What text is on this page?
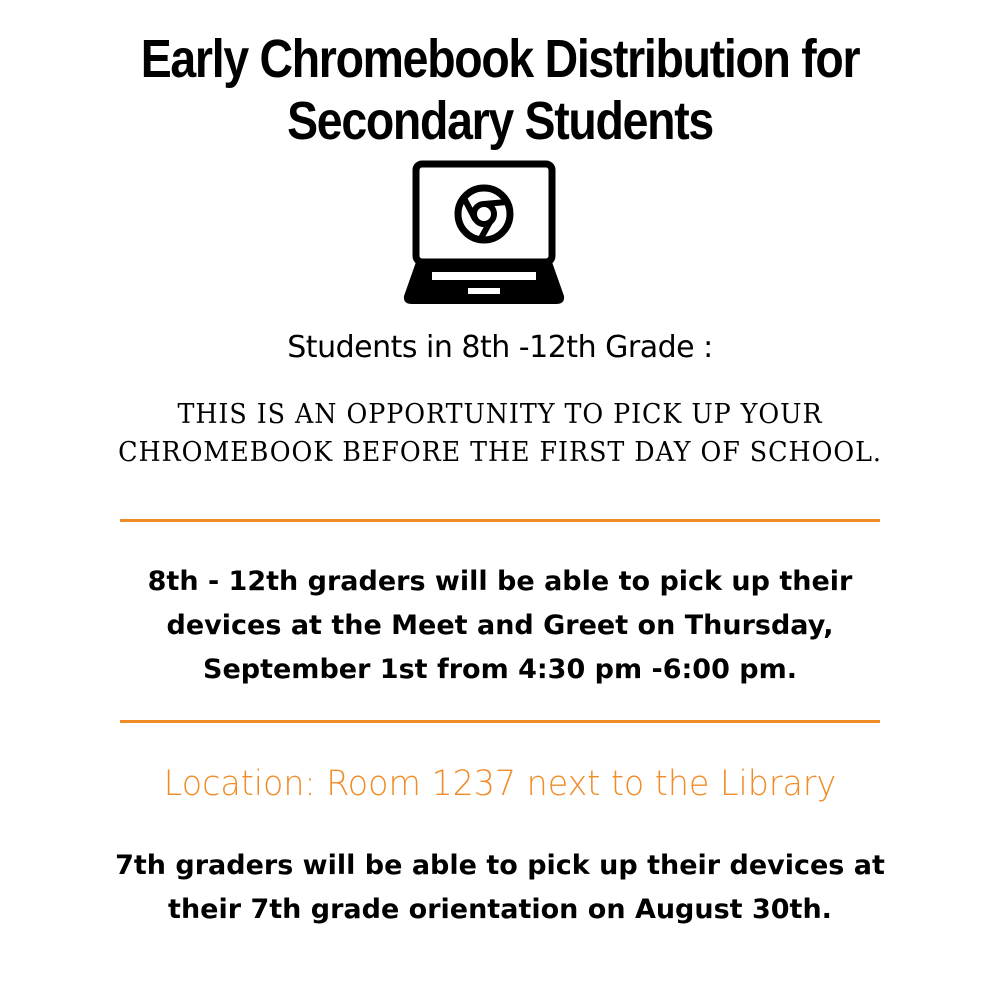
Early Chromebook Distribution for
Secondary Students
Students in 8th -12th Grade :
THIS IS AN OPPORTUNITY TO PICK UP YOUR
CHROMEBOOK BEFORE THE FIRST DAY OF SCHOOL.
8th - 12th graders will be able to pick up their
devices at the Meet and Greet on Thursday,
September 1st from 4:30 pm -6:00 pm.
Location: Room 1237 next to the Library
7th graders will be able to pick up their devices at
their 7th grade orientation on August 30th.
